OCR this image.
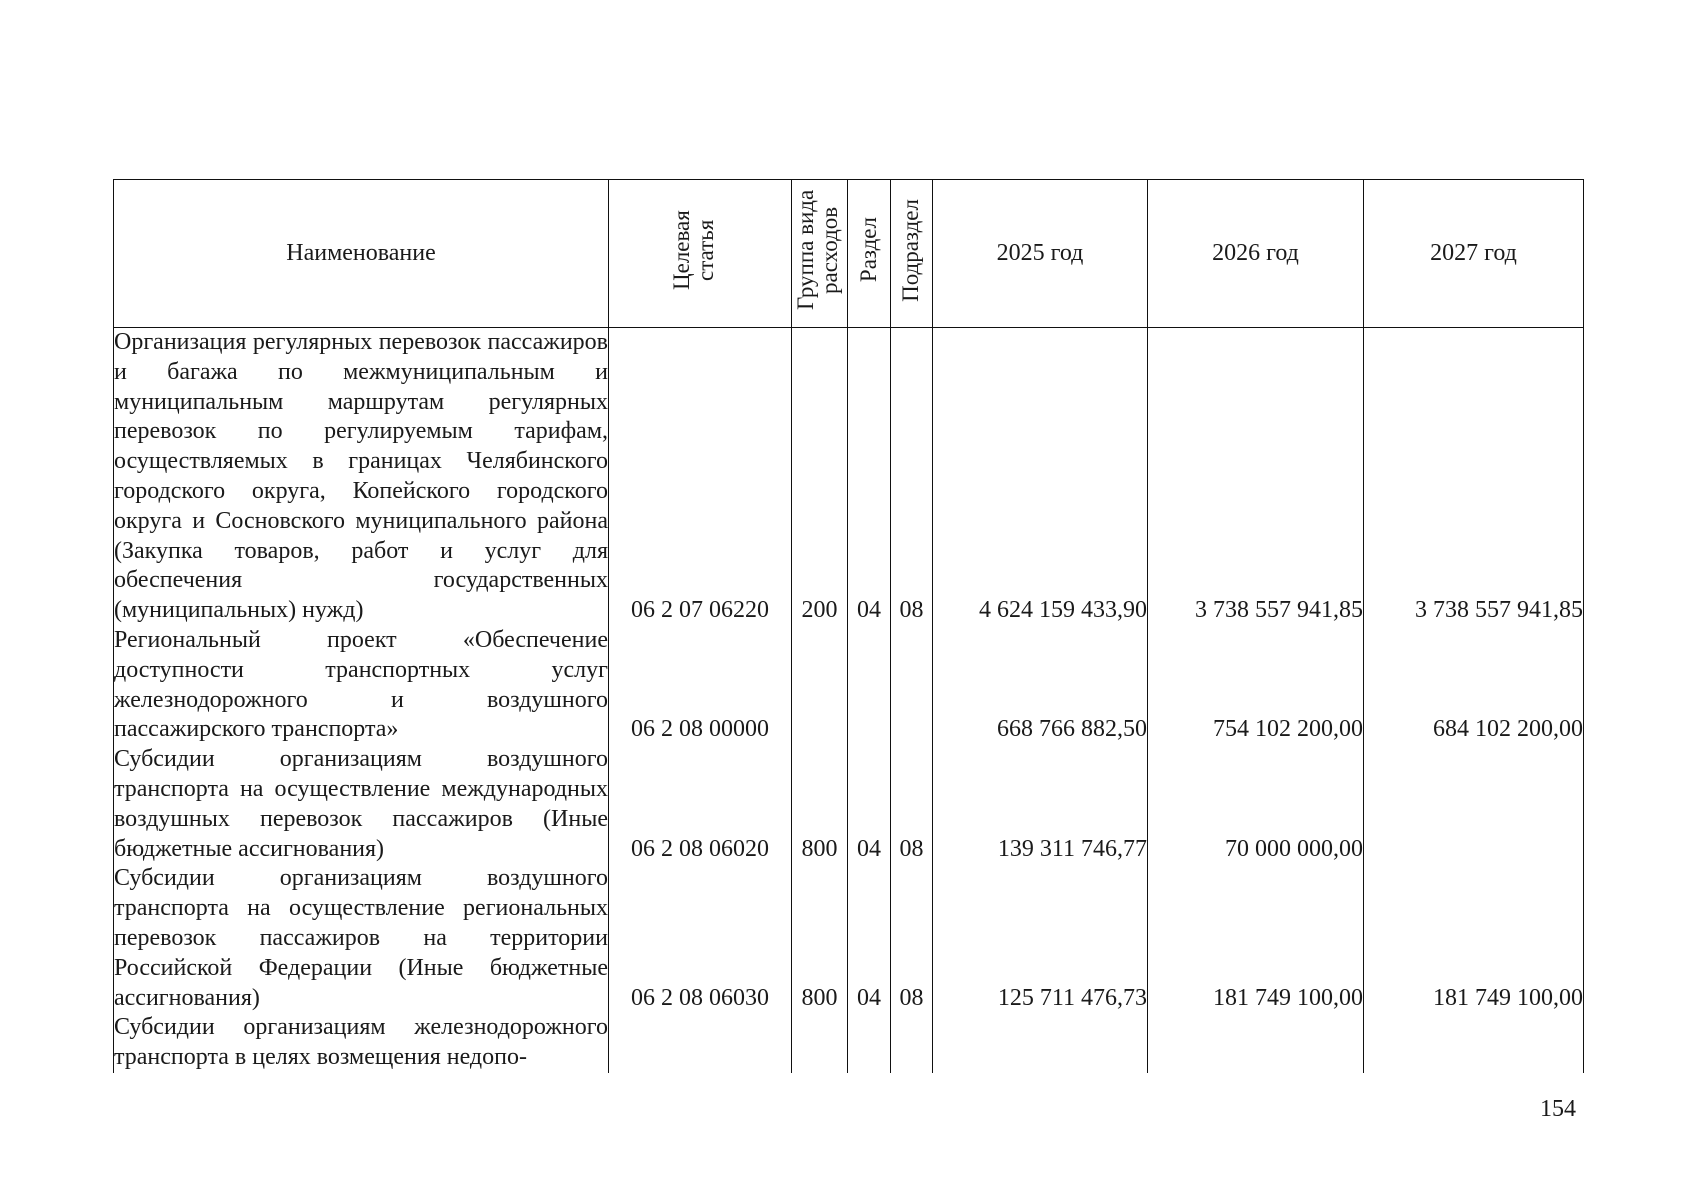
Наименование	Целевая статья	Группа вида расходов	Раздел	Подраздел	2025 год	2026 год	2027 год
Организация регулярных перевозок пассажиров и багажа по межмуниципальным и муниципальным маршрутам регулярных перевозок по регулируемым тарифам, осуществляемых в границах Челябинского городского округа, Копейского городского округа и Сосновского муниципального района (Закупка товаров, работ и услуг для обеспечения государственных (муниципальных) нужд)	06 2 07 06220	200	04	08	4 624 159 433,90	3 738 557 941,85	3 738 557 941,85
Региональный проект «Обеспечение доступности транспортных услуг железнодорожного и воздушного пассажирского транспорта»	06 2 08 00000				668 766 882,50	754 102 200,00	684 102 200,00
Субсидии организациям воздушного транспорта на осуществление международных воздушных перевозок пассажиров (Иные бюджетные ассигнования)	06 2 08 06020	800	04	08	139 311 746,77	70 000 000,00	
Субсидии организациям воздушного транспорта на осуществление региональных перевозок пассажиров на территории Российской Федерации (Иные бюджетные ассигнования)	06 2 08 06030	800	04	08	125 711 476,73	181 749 100,00	181 749 100,00
Субсидии организациям железнодорожного транспорта в целях возмещения недопо-							
154
